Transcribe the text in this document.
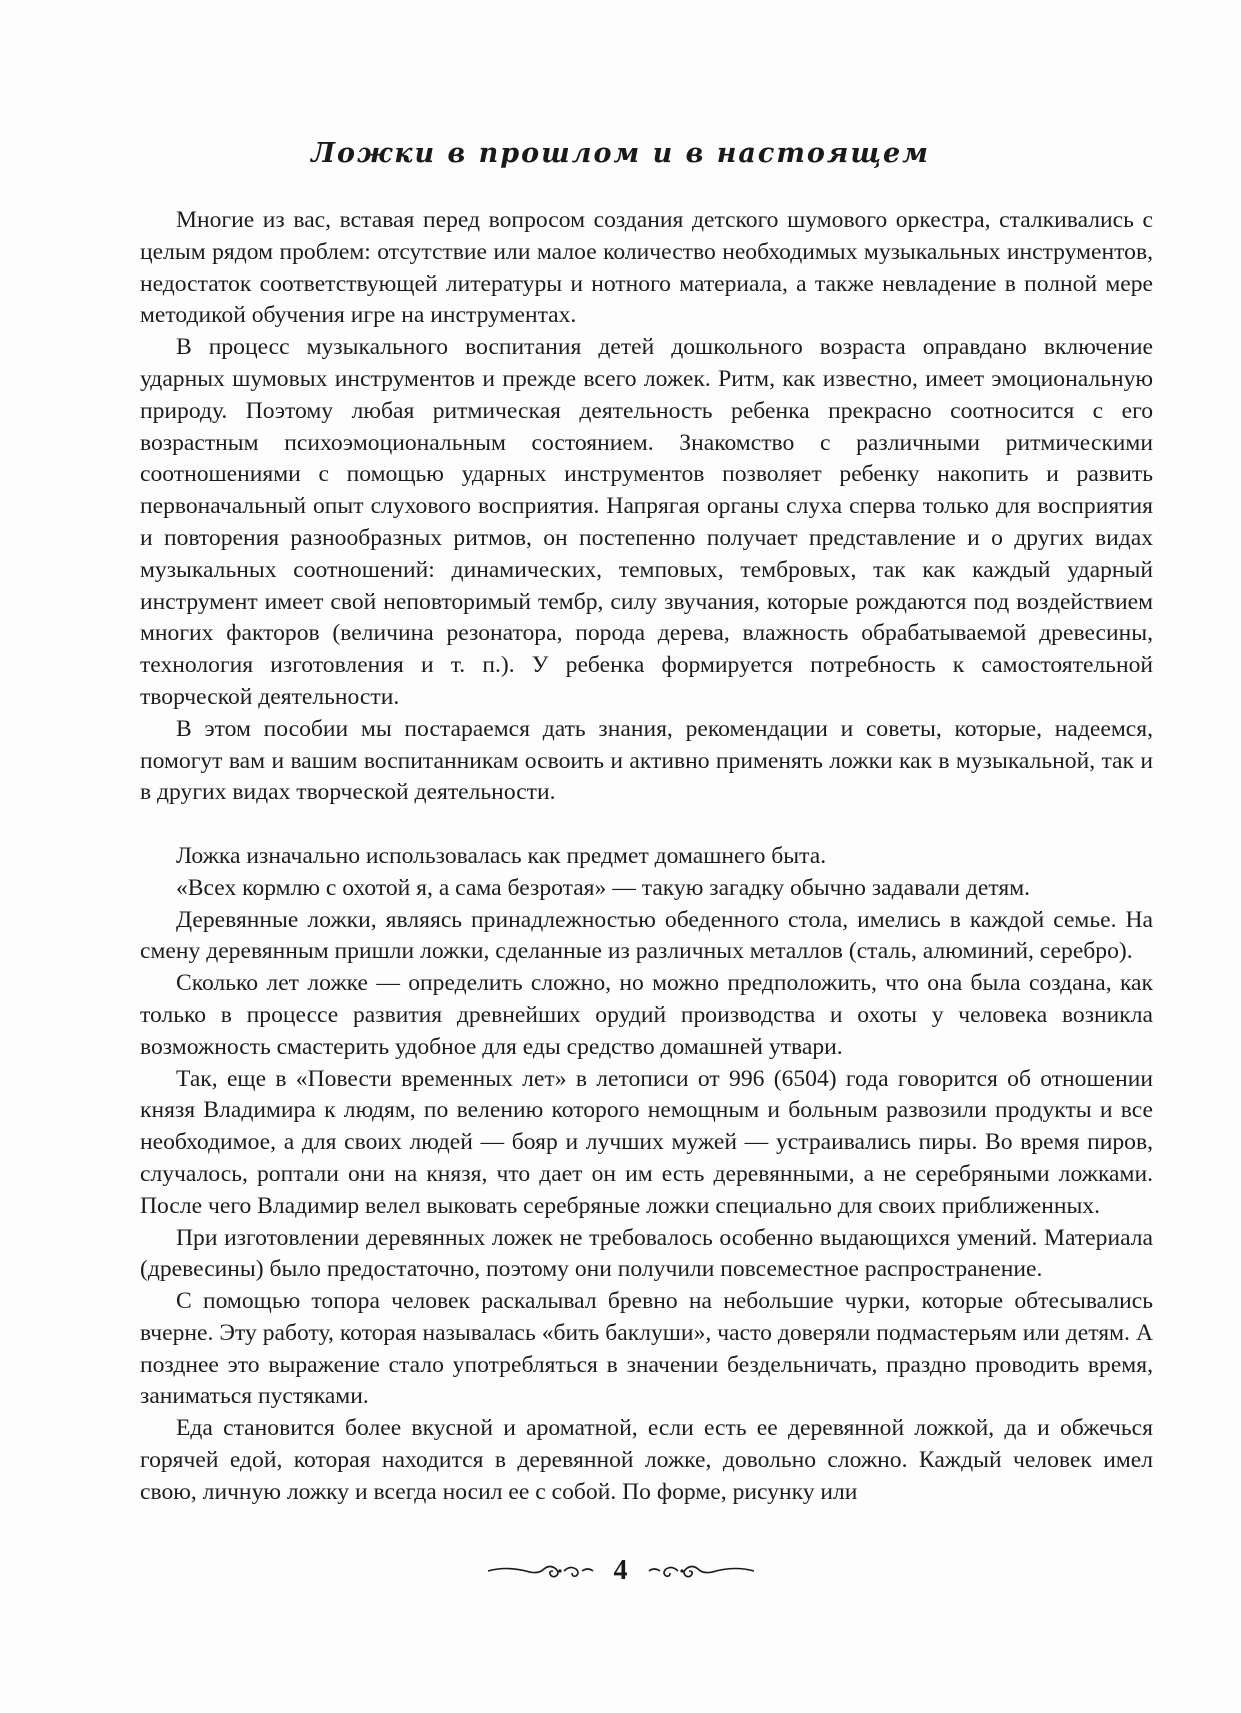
Ложки в прошлом и в настоящем

Многие из вас, вставая перед вопросом создания детского шумового оркестра, сталкивались с целым рядом проблем: отсутствие или малое количество необходимых музыкальных инструментов, недостаток соответствующей литературы и нотного материала, а также невладение в полной мере методикой обучения игре на инструментах.

В процесс музыкального воспитания детей дошкольного возраста оправдано включение ударных шумовых инструментов и прежде всего ложек. Ритм, как известно, имеет эмоциональную природу. Поэтому любая ритмическая деятельность ребенка прекрасно соотносится с его возрастным психоэмоциональным состоянием. Знакомство с различными ритмическими соотношениями с помощью ударных инструментов позволяет ребенку накопить и развить первоначальный опыт слухового восприятия. Напрягая органы слуха сперва только для восприятия и повторения разнообразных ритмов, он постепенно получает представление и о других видах музыкальных соотношений: динамических, темповых, тембровых, так как каждый ударный инструмент имеет свой неповторимый тембр, силу звучания, которые рождаются под воздействием многих факторов (величина резонатора, порода дерева, влажность обрабатываемой древесины, технология изготовления и т. п.). У ребенка формируется потребность к самостоятельной творческой деятельности.

В этом пособии мы постараемся дать знания, рекомендации и советы, которые, надеемся, помогут вам и вашим воспитанникам освоить и активно применять ложки как в музыкальной, так и в других видах творческой деятельности.

Ложка изначально использовалась как предмет домашнего быта.

«Всех кормлю с охотой я, а сама безротая» — такую загадку обычно задавали детям.

Деревянные ложки, являясь принадлежностью обеденного стола, имелись в каждой семье. На смену деревянным пришли ложки, сделанные из различных металлов (сталь, алюминий, серебро).

Сколько лет ложке — определить сложно, но можно предположить, что она была создана, как только в процессе развития древнейших орудий производства и охоты у человека возникла возможность смастерить удобное для еды средство домашней утвари.

Так, еще в «Повести временных лет» в летописи от 996 (6504) года говорится об отношении князя Владимира к людям, по велению которого немощным и больным развозили продукты и все необходимое, а для своих людей — бояр и лучших мужей — устраивались пиры. Во время пиров, случалось, роптали они на князя, что дает он им есть деревянными, а не серебряными ложками. После чего Владимир велел выковать серебряные ложки специально для своих приближенных.

При изготовлении деревянных ложек не требовалось особенно выдающихся умений. Материала (древесины) было предостаточно, поэтому они получили повсеместное распространение.

С помощью топора человек раскалывал бревно на небольшие чурки, которые обтесывались вчерне. Эту работу, которая называлась «бить баклуши», часто доверяли подмастерьям или детям. А позднее это выражение стало употребляться в значении бездельничать, праздно проводить время, заниматься пустяками.

Еда становится более вкусной и ароматной, если есть ее деревянной ложкой, да и обжечься горячей едой, которая находится в деревянной ложке, довольно сложно. Каждый человек имел свою, личную ложку и всегда носил ее с собой. По форме, рисунку или

4
